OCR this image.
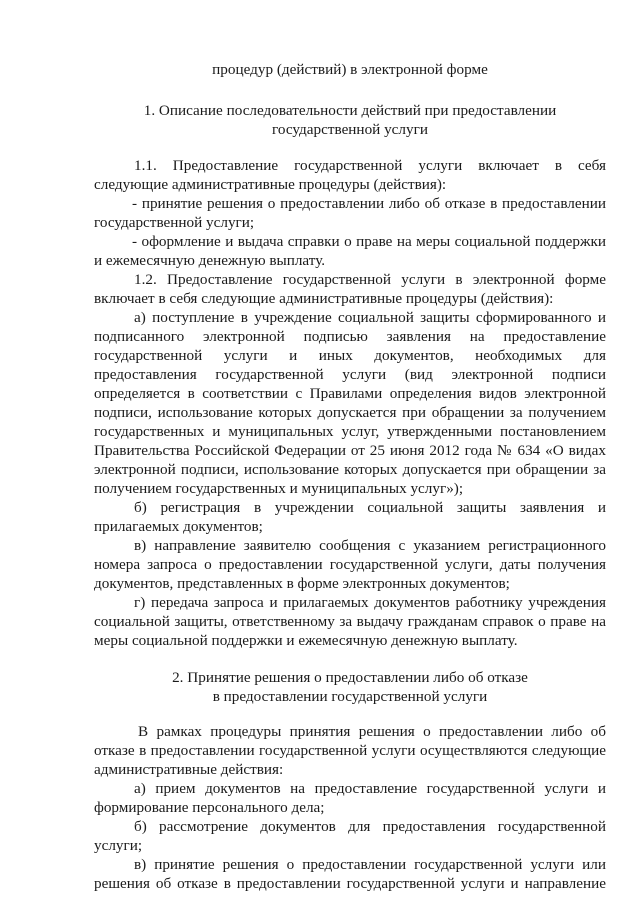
процедур (действий) в электронной форме
1. Описание последовательности действий при предоставлении
государственной услуги
1.1. Предоставление государственной услуги включает в себя
следующие административные процедуры (действия):
- принятие решения о предоставлении либо об отказе в предоставлении
государственной услуги;
- оформление и выдача справки о праве на меры социальной поддержки
и ежемесячную денежную выплату.
1.2. Предоставление государственной услуги в электронной форме
включает в себя следующие административные процедуры (действия):
а) поступление в учреждение социальной защиты сформированного и
подписанного электронной подписью заявления на предоставление
государственной услуги и иных документов, необходимых для
предоставления государственной услуги (вид электронной подписи
определяется в соответствии с Правилами определения видов электронной
подписи, использование которых допускается при обращении за получением
государственных и муниципальных услуг, утвержденными постановлением
Правительства Российской Федерации от 25 июня 2012 года № 634 «О видах
электронной подписи, использование которых допускается при обращении за
получением государственных и муниципальных услуг»);
б) регистрация в учреждении социальной защиты заявления и
прилагаемых документов;
в) направление заявителю сообщения с указанием регистрационного
номера запроса о предоставлении государственной услуги, даты получения
документов, представленных в форме электронных документов;
г) передача запроса и прилагаемых документов работнику учреждения
социальной защиты, ответственному за выдачу гражданам справок о праве на
меры социальной поддержки и ежемесячную денежную выплату.
2. Принятие решения о предоставлении либо об отказе
в предоставлении государственной услуги
В рамках процедуры принятия решения о предоставлении либо об
отказе в предоставлении государственной услуги осуществляются следующие
административные действия:
а) прием документов на предоставление государственной услуги и
формирование персонального дела;
б) рассмотрение документов для предоставления государственной
услуги;
в) принятие решения о предоставлении государственной услуги или
решения об отказе в предоставлении государственной услуги и направление
